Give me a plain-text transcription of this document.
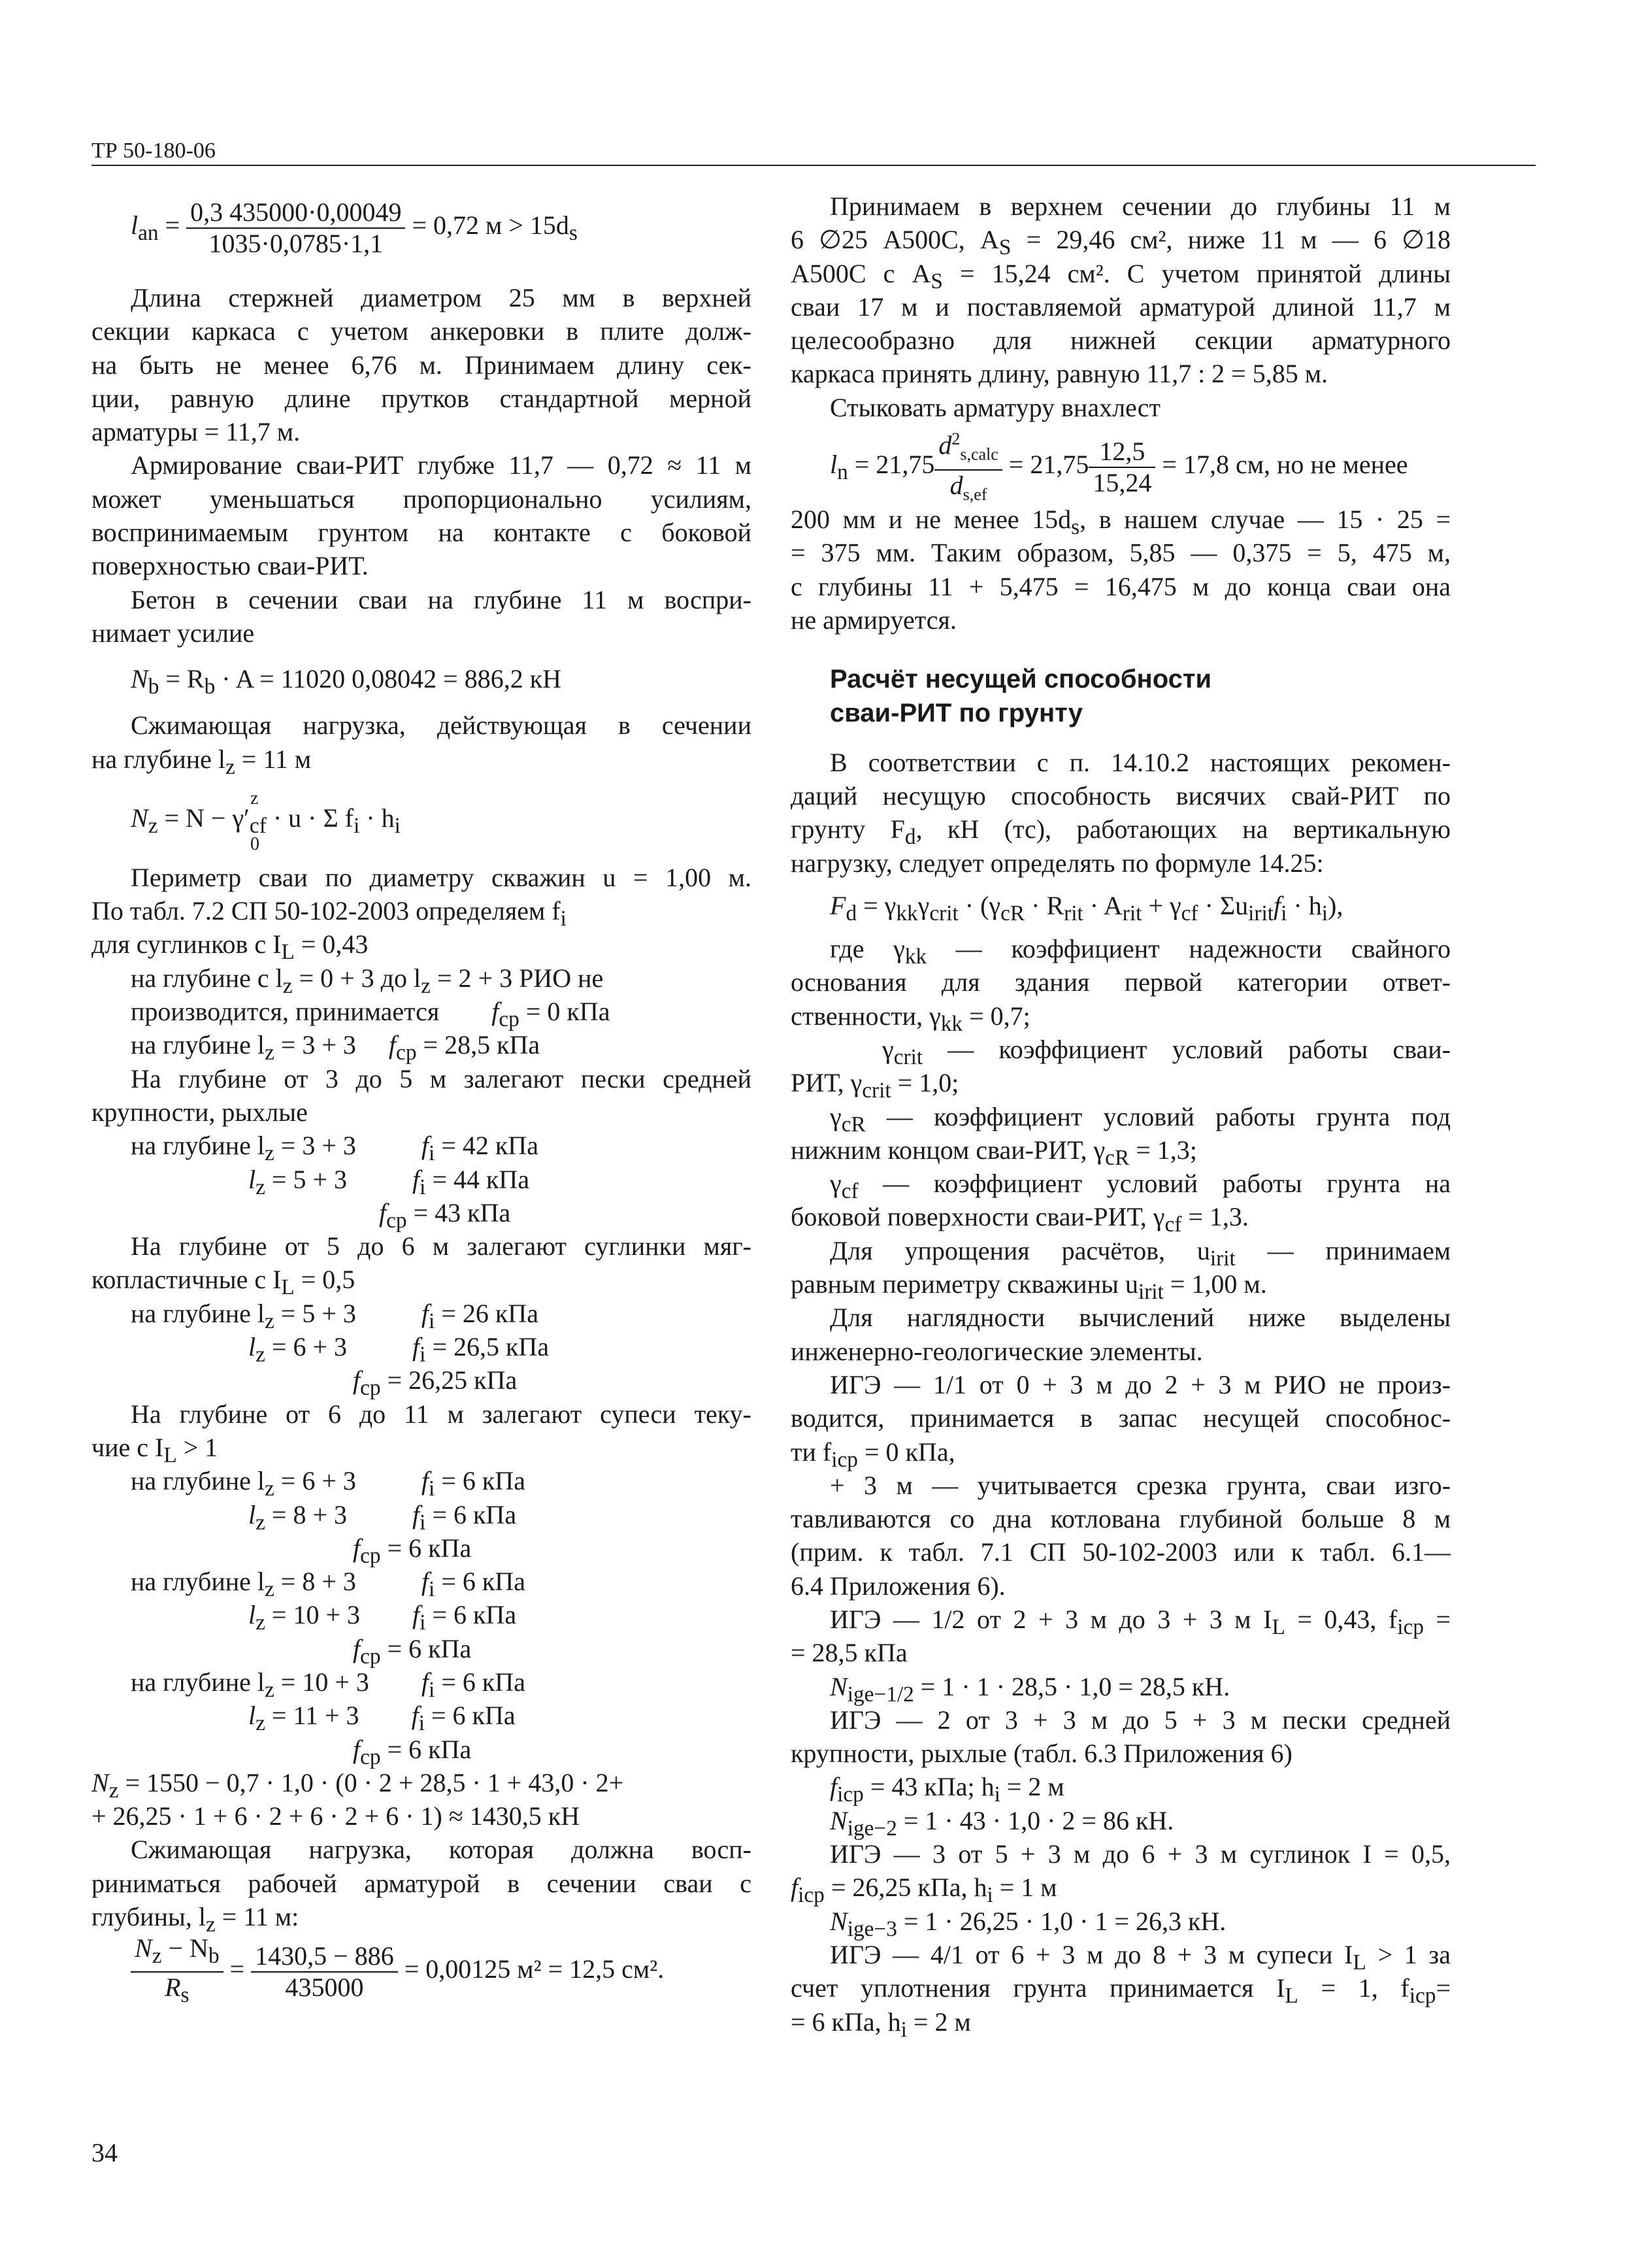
ТР 50-180-06
$l_{an} = \frac{0,3 435000\cdot 0,00049}{1035\cdot 0,0785\cdot 1,1} = 0,72$ $м > 15d_s$
Длина стержней диаметром 25 мм в верхней
секции каркаса с учетом анкеровки в плите долж-
на быть не менее 6,76 м. Принимаем длину сек-
ции, равную длине прутков стандартной мерной
арматуры = 11,7 м.
Армирование сваи-РИТ глубже 11,7 — 0,72 ≈ 11 м
может уменьшаться пропорционально усилиям,
воспринимаемым грунтом на контакте с боковой
поверхностью сваи-РИТ.
Бетон в сечении сваи на глубине 11 м воспри-
нимает усилие
$N_b = R_b \cdot A = 11020$ 0,08042 = 886,2 кН
Сжимающая нагрузка, действующая в сечении
на глубине $l_z = 11$ м
$N_z = N - \gamma'_{cf} \cdot u \cdot \Sigma$ $f_i \cdot h_i$
z
0
Периметр сваи по диаметру скважин u = 1,00 м.
По табл. 7.2 СП 50-102-2003 определяем $f_i$
для суглинков с $I_L = 0,43$
на глубине с $l_z = 0 + 3$ до $l_z = 2 + 3$ РИО не
производится, принимается $f_{cp} = 0$ кПа
на глубине $l_z = 3 + 3$ $f_{cp} = 28,5$ кПа
На глубине от 3 до 5 м залегают пески средней
крупности, рыхлые
на глубине $l_z = 3 + 3$	$f_i = 42$ кПа
$l_z = 5 + 3$	$f_i = 44$ кПа
$f_{cp} = 43$ кПа
На глубине от 5 до 6 м залегают суглинки мяг-
копластичные с $I_L = 0,5$
на глубине $l_z = 5 + 3$	$f_i = 26$ кПа
$l_z = 6 + 3$	$f_i = 26,5$ кПа
$f_{cp} = 26,25$ кПа
На глубине от 6 до 11 м залегают супеси теку-
чие с $I_L > 1$
на глубине $l_z = 6 + 3$	$f_i = 6$ кПа
$l_z = 8 + 3$	$f_i = 6$ кПа
$f_{cp} = 6$ кПа
на глубине $l_z = 8 + 3$	$f_i = 6$ кПа
$l_z = 10 + 3$ $f_i = 6$ кПа
$f_{cp} = 6$ кПа
на глубине $l_z = 10 + 3$ $f_i = 6$ кПа
$l_z = 11 + 3$ $f_i = 6$ кПа
$f_{cp} = 6$ кПа
$N_z = 1550 - 0,7 \cdot 1,0 \cdot (0 \cdot 2 + 28,5 \cdot 1 + 43,0 \cdot 2+$
+ 26,25 · 1 + 6 · 2 + 6 · 2 + 6 · 1) ≈ 1430,5 кН
Сжимающая нагрузка, которая должна восп-
риниматься рабочей арматурой в сечении сваи с
глубины, $l_z = 11$ м:
$\frac{N_z - N_b}{R_s} = \frac{1430,5 - 886}{435000} = 0,00125$ м² = 12,5 см².
Принимаем в верхнем сечении до глубины 11 м
6 ∅25 А500С, $A_S = 29,46$ см², ниже 11 м — 6 ∅18
А500С с $A_S = 15,24$ см². С учетом принятой длины
сваи 17 м и поставляемой арматурой длиной 11,7 м
целесообразно для нижней секции арматурного
каркаса принять длину, равную 11,7 : 2 = 5,85 м.
Стыковать арматуру внахлест
$l_n = 21,75 \frac{d^2_{s,calc}}{d_{s,ef}} = 21,75 \frac{12,5}{15,24} = 17,8$ см, но не менее
200 мм и не менее $15d_s$, в нашем случае — 15 · 25 =
= 375 мм. Таким образом, 5,85 — 0,375 = 5, 475 м,
с глубины 11 + 5,475 = 16,475 м до конца сваи она
не армируется.
Расчёт несущей способности
сваи-РИТ по грунту
В соответствии с п. 14.10.2 настоящих рекомен-
даций несущую способность висячих свай-РИТ по
грунту $F_d$, кН (тс), работающих на вертикальную
нагрузку, следует определять по формуле 14.25:
$F_d = \gamma_{kk}\gamma_{crit} \cdot (\gamma_{cR} \cdot R_{rit} \cdot A_{rit} + \gamma_{cf} \cdot \Sigma u_{irit}f_i \cdot h_i)$,
где $\gamma_{kk}$ — коэффициент надежности свайного
основания для здания первой категории ответ-
ственности, $\gamma_{kk} = 0,7$;
$\gamma_{crit}$ — коэффициент условий работы сваи-
РИТ, $\gamma_{crit} = 1,0$;
$\gamma_{cR}$ — коэффициент условий работы грунта под
нижним концом сваи-РИТ, $\gamma_{cR} = 1,3$;
$\gamma_{cf}$ — коэффициент условий работы грунта на
боковой поверхности сваи-РИТ, $\gamma_{cf} = 1,3$.
Для упрощения расчётов, $u_{irit}$ — принимаем
равным периметру скважины $u_{irit} = 1,00$ м.
Для наглядности вычислений ниже выделены
инженерно-геологические элементы.
ИГЭ — 1/1 от 0 + 3 м до 2 + 3 м РИО не произ-
водится, принимается в запас несущей способнос-
ти $f_{icp} = 0$ кПа,
+ 3 м — учитывается срезка грунта, сваи изго-
тавливаются со дна котлована глубиной больше 8 м
(прим. к табл. 7.1 СП 50-102-2003 или к табл. 6.1—
6.4 Приложения 6).
ИГЭ — 1/2 от 2 + 3 м до 3 + 3 м $I_L = 0,43$, $f_{icp}$ =
= 28,5 кПа
$N_{ige-1/2} = 1 \cdot 1 \cdot 28,5 \cdot 1,0 = 28,5$ кН.
ИГЭ — 2 от 3 + 3 м до 5 + 3 м пески средней
крупности, рыхлые (табл. 6.3 Приложения 6)
$f_{icp} = 43$ кПа; $h_i = 2$ м
$N_{ige-2} = 1 \cdot 43 \cdot 1,0 \cdot 2 = 86$ кН.
ИГЭ — 3 от 5 + 3 м до 6 + 3 м суглинок I = 0,5,
$f_{icp} = 26,25$ кПа, $h_i = 1$ м
$N_{ige-3} = 1 \cdot 26,25 \cdot 1,0 \cdot 1 = 26,3$ кН.
ИГЭ — 4/1 от 6 + 3 м до 8 + 3 м супеси $I_L > 1$ за
счет уплотнения грунта принимается $I_L = 1$, $f_{icp}=$
= 6 кПа, $h_i = 2$ м
34
